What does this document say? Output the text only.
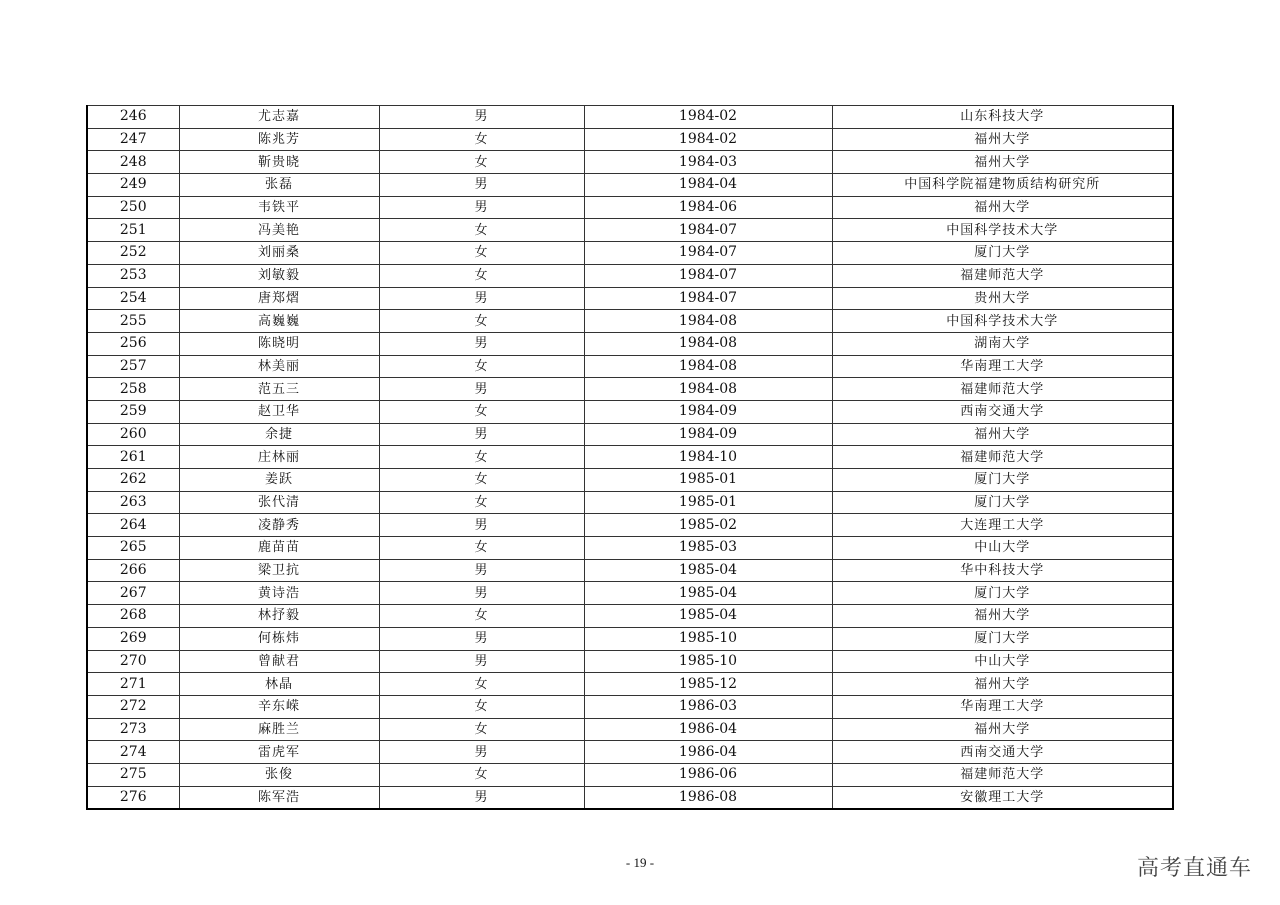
246	尤志嘉	男	1984-02	山东科技大学
247	陈兆芳	女	1984-02	福州大学
248	靳贵晓	女	1984-03	福州大学
249	张磊	男	1984-04	中国科学院福建物质结构研究所
250	韦铁平	男	1984-06	福州大学
251	冯美艳	女	1984-07	中国科学技术大学
252	刘丽桑	女	1984-07	厦门大学
253	刘敏毅	女	1984-07	福建师范大学
254	唐郑熠	男	1984-07	贵州大学
255	高巍巍	女	1984-08	中国科学技术大学
256	陈晓明	男	1984-08	湖南大学
257	林美丽	女	1984-08	华南理工大学
258	范五三	男	1984-08	福建师范大学
259	赵卫华	女	1984-09	西南交通大学
260	余捷	男	1984-09	福州大学
261	庄林丽	女	1984-10	福建师范大学
262	姜跃	女	1985-01	厦门大学
263	张代清	女	1985-01	厦门大学
264	凌静秀	男	1985-02	大连理工大学
265	鹿苗苗	女	1985-03	中山大学
266	梁卫抗	男	1985-04	华中科技大学
267	黄诗浩	男	1985-04	厦门大学
268	林抒毅	女	1985-04	福州大学
269	何栋炜	男	1985-10	厦门大学
270	曾献君	男	1985-10	中山大学
271	林晶	女	1985-12	福州大学
272	辛东嵘	女	1986-03	华南理工大学
273	麻胜兰	女	1986-04	福州大学
274	雷虎军	男	1986-04	西南交通大学
275	张俊	女	1986-06	福建师范大学
276	陈军浩	男	1986-08	安徽理工大学
- 19 -	高考直通车
